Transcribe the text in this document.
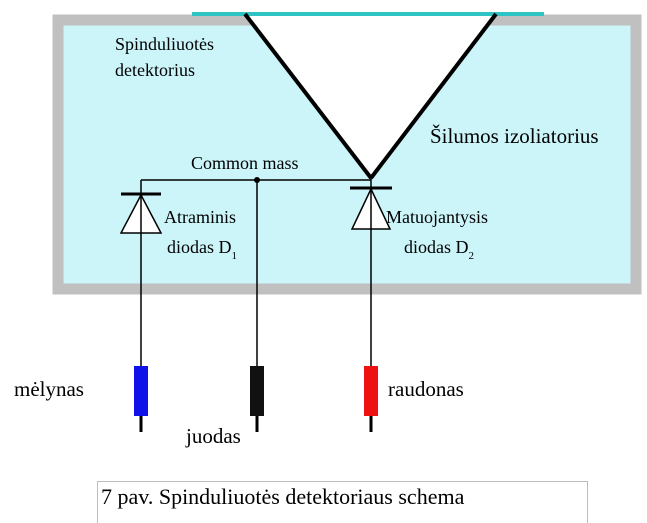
Spinduliuotės
detektorius
Šilumos izoliatorius
Common mass
Atraminis
diodas $D_1$
Matuojantysis
diodas $D_2$
mėlynas
juodas
raudonas
7 pav. Spinduliuotės detektoriaus schema
